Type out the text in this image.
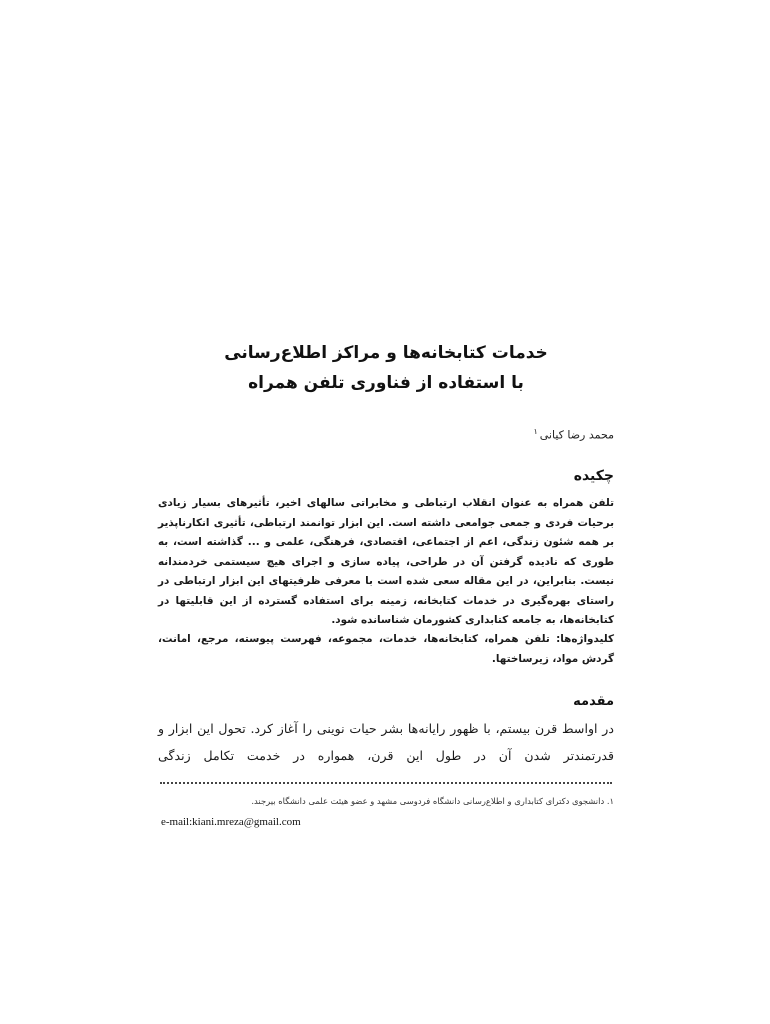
خدمات کتابخانه‌ها و مراکز اطلاع‌رسانی
با استفاده از فناوری تلفن همراه
محمد رضا کیانی$^۱$
چکیده
تلفن همراه به عنوان انقلاب ارتباطی و مخابراتی سالهای اخیر، تأثیرهای بسیار زیادی برحیات فردی و جمعی جوامعی داشته است. این ابزار توانمند ارتباطی، تأثیری انکارناپذیر بر همه شئون زندگی، اعم از اجتماعی، اقتصادی، فرهنگی، علمی و ... گذاشته است، به طوری که نادیده گرفتن آن در طراحی، پیاده سازی و اجرای هیچ سیستمی خردمندانه نیست. بنابراین، در این مقاله سعی شده است با معرفی ظرفیتهای این ابزار ارتباطی در راستای بهره‌گیری در خدمات کتابخانه، زمینه برای استفاده گسترده از این قابلیتها در کتابخانه‌ها، به جامعه کتابداری کشورمان شناسانده شود.
کلیدواژه‌ها: تلفن همراه، کتابخانه‌ها، خدمات، مجموعه، فهرست پیوسته، مرجع، امانت، گردش مواد، زیرساختها.
مقدمه
در اواسط قرن بیستم، با ظهور رایانه‌ها بشر حیات نوینی را آغاز کرد. تحول این ابزار و قدرتمندتر شدن آن در طول این قرن، همواره در خدمت تکامل زندگی
۱. دانشجوی دکترای کتابداری و اطلاع‌رسانی دانشگاه فردوسی مشهد و عضو هیئت علمی دانشگاه بیرجند.
e-mail:kiani.mreza@gmail.com
